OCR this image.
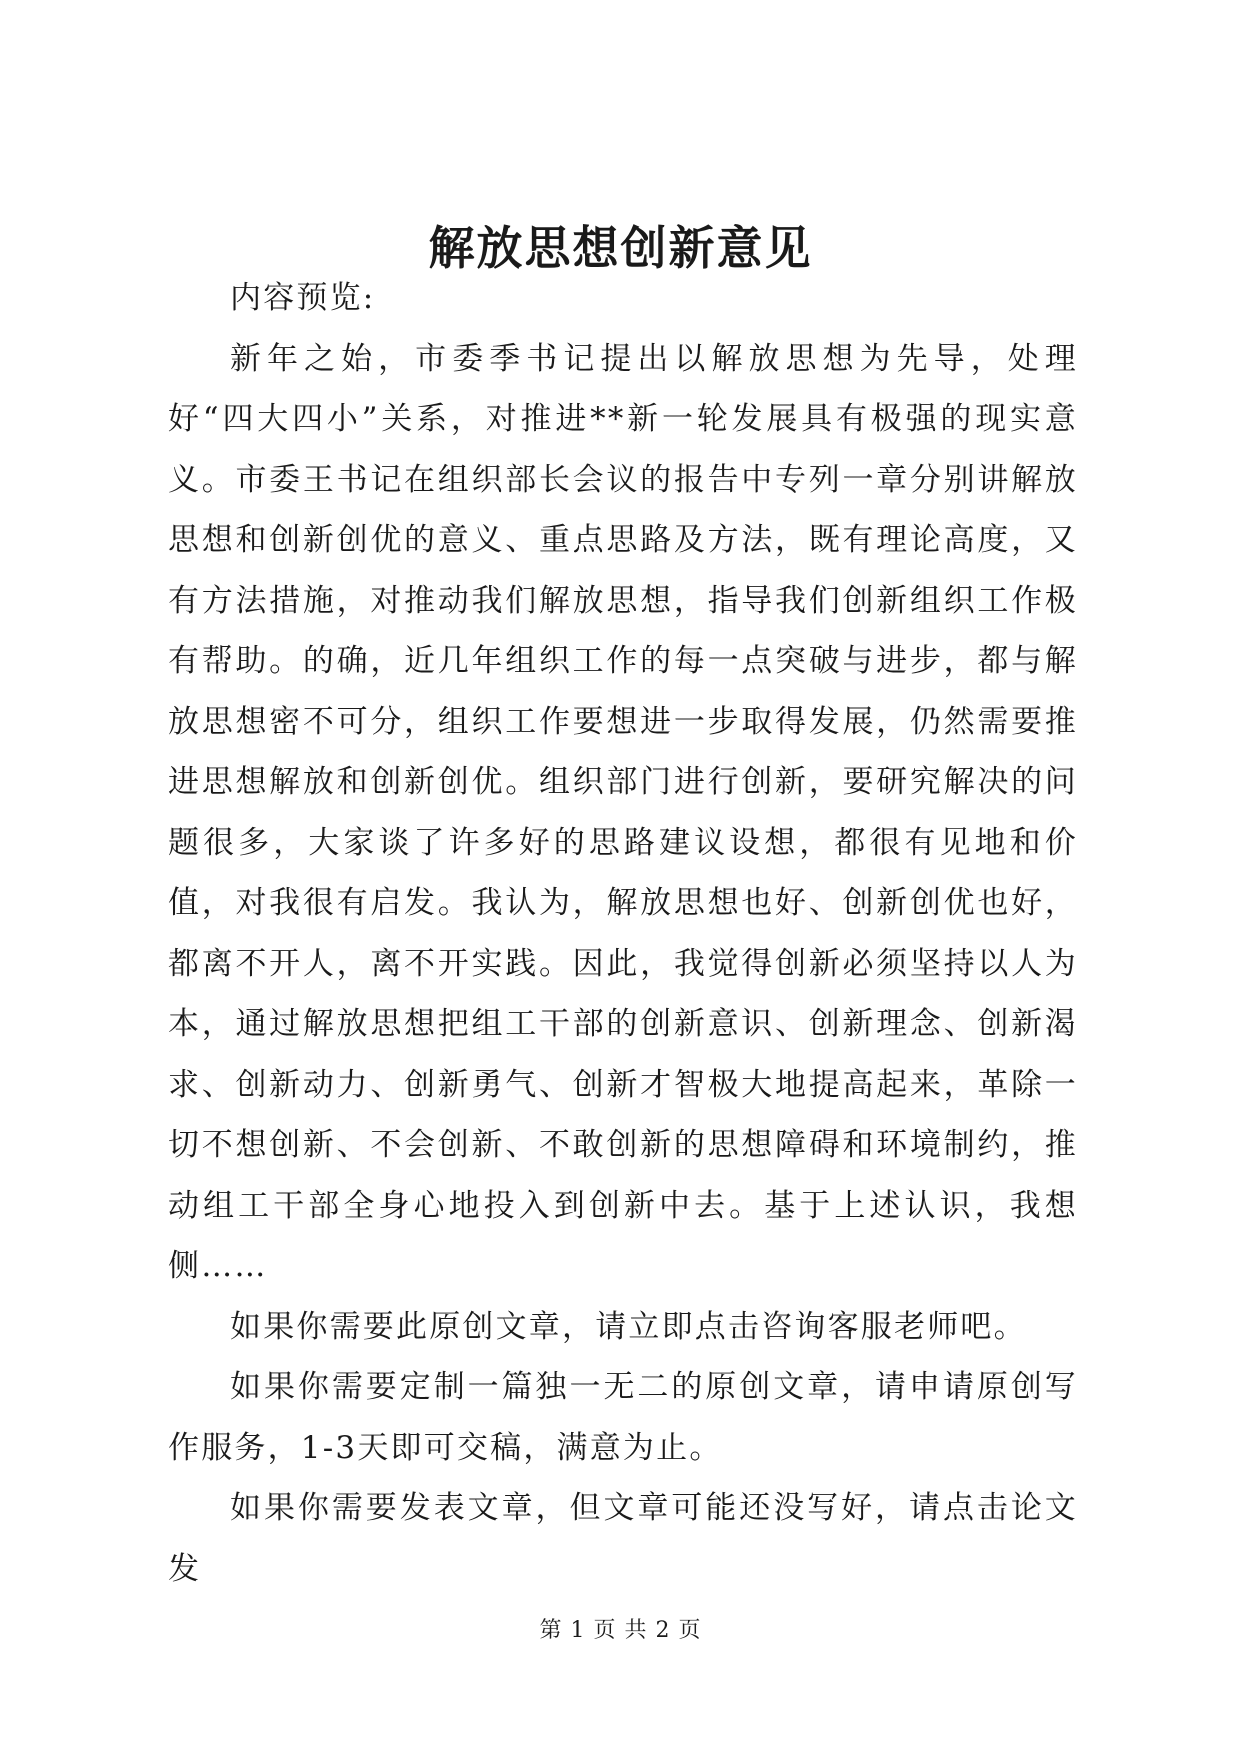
解放思想创新意见

内容预览:

新年之始，市委季书记提出以解放思想为先导，处理好“四大四小”关系，对推进**新一轮发展具有极强的现实意义。市委王书记在组织部长会议的报告中专列一章分别讲解放思想和创新创优的意义、重点思路及方法，既有理论高度，又有方法措施，对推动我们解放思想，指导我们创新组织工作极有帮助。的确，近几年组织工作的每一点突破与进步，都与解放思想密不可分，组织工作要想进一步取得发展，仍然需要推进思想解放和创新创优。组织部门进行创新，要研究解决的问题很多，大家谈了许多好的思路建议设想，都很有见地和价值，对我很有启发。我认为，解放思想也好、创新创优也好，都离不开人，离不开实践。因此，我觉得创新必须坚持以人为本，通过解放思想把组工干部的创新意识、创新理念、创新渴求、创新动力、创新勇气、创新才智极大地提高起来，革除一切不想创新、不会创新、不敢创新的思想障碍和环境制约，推动组工干部全身心地投入到创新中去。基于上述认识，我想侧……

如果你需要此原创文章，请立即点击咨询客服老师吧。

如果你需要定制一篇独一无二的原创文章，请申请原创写作服务，1-3天即可交稿，满意为止。

如果你需要发表文章，但文章可能还没写好，请点击论文发

第 1 页 共 2 页
